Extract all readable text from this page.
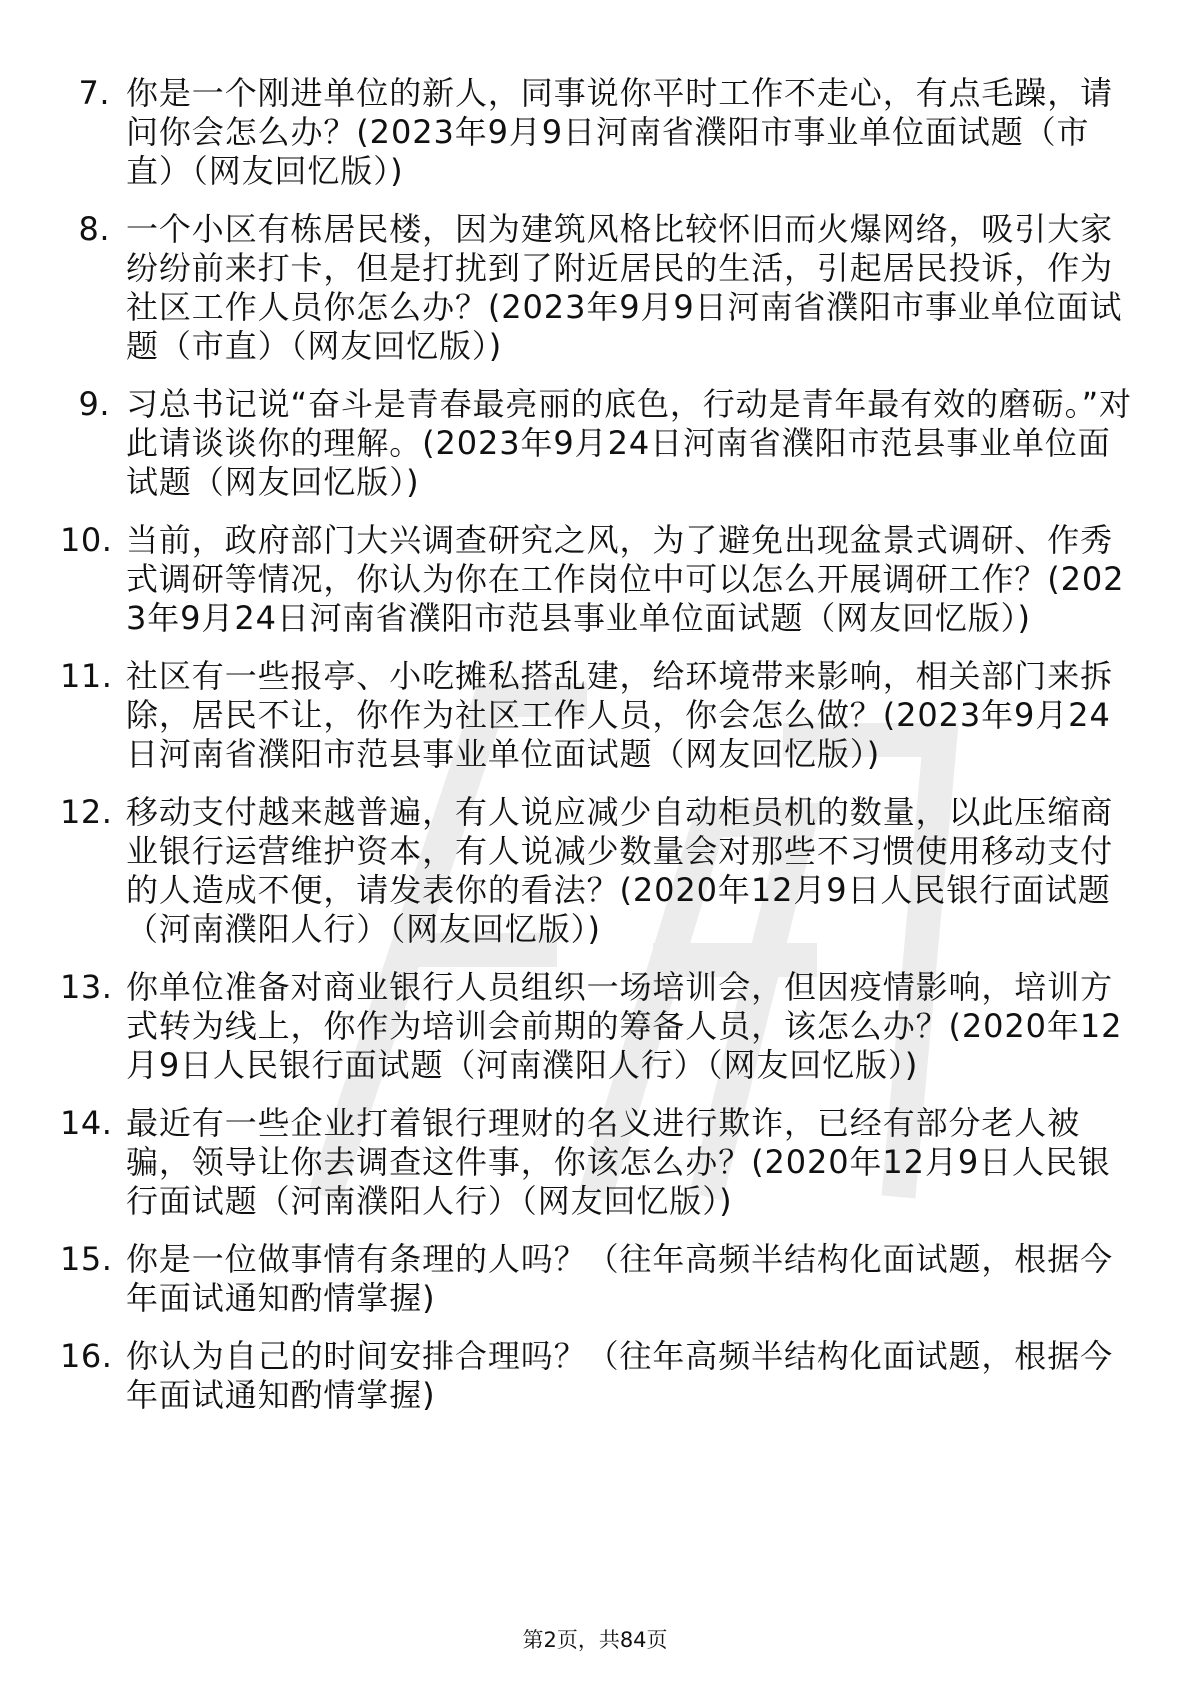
7. 你是一个刚进单位的新人，同事说你平时工作不走心，有点毛躁，请问你会怎么办？(2023年9月9日河南省濮阳市事业单位面试题（市直）（网友回忆版）)
8. 一个小区有栋居民楼，因为建筑风格比较怀旧而火爆网络，吸引大家纷纷前来打卡，但是打扰到了附近居民的生活，引起居民投诉，作为社区工作人员你怎么办？(2023年9月9日河南省濮阳市事业单位面试题（市直）（网友回忆版）)
9. 习总书记说“奋斗是青春最亮丽的底色，行动是青年最有效的磨砺。”对此请谈谈你的理解。(2023年9月24日河南省濮阳市范县事业单位面试题（网友回忆版）)
10. 当前，政府部门大兴调查研究之风，为了避免出现盆景式调研、作秀式调研等情况，你认为你在工作岗位中可以怎么开展调研工作？(2023年9月24日河南省濮阳市范县事业单位面试题（网友回忆版）)
11. 社区有一些报亭、小吃摊私搭乱建，给环境带来影响，相关部门来拆除，居民不让，你作为社区工作人员，你会怎么做？(2023年9月24日河南省濮阳市范县事业单位面试题（网友回忆版）)
12. 移动支付越来越普遍，有人说应减少自动柜员机的数量，以此压缩商业银行运营维护资本，有人说减少数量会对那些不习惯使用移动支付的人造成不便，请发表你的看法？(2020年12月9日人民银行面试题（河南濮阳人行）（网友回忆版）)
13. 你单位准备对商业银行人员组织一场培训会，但因疫情影响，培训方式转为线上，你作为培训会前期的筹备人员，该怎么办？(2020年12月9日人民银行面试题（河南濮阳人行）（网友回忆版）)
14. 最近有一些企业打着银行理财的名义进行欺诈，已经有部分老人被骗，领导让你去调查这件事，你该怎么办？(2020年12月9日人民银行面试题（河南濮阳人行）（网友回忆版）)
15. 你是一位做事情有条理的人吗？（往年高频半结构化面试题，根据今年面试通知酌情掌握)
16. 你认为自己的时间安排合理吗？（往年高频半结构化面试题，根据今年面试通知酌情掌握)
第2页，共84页
